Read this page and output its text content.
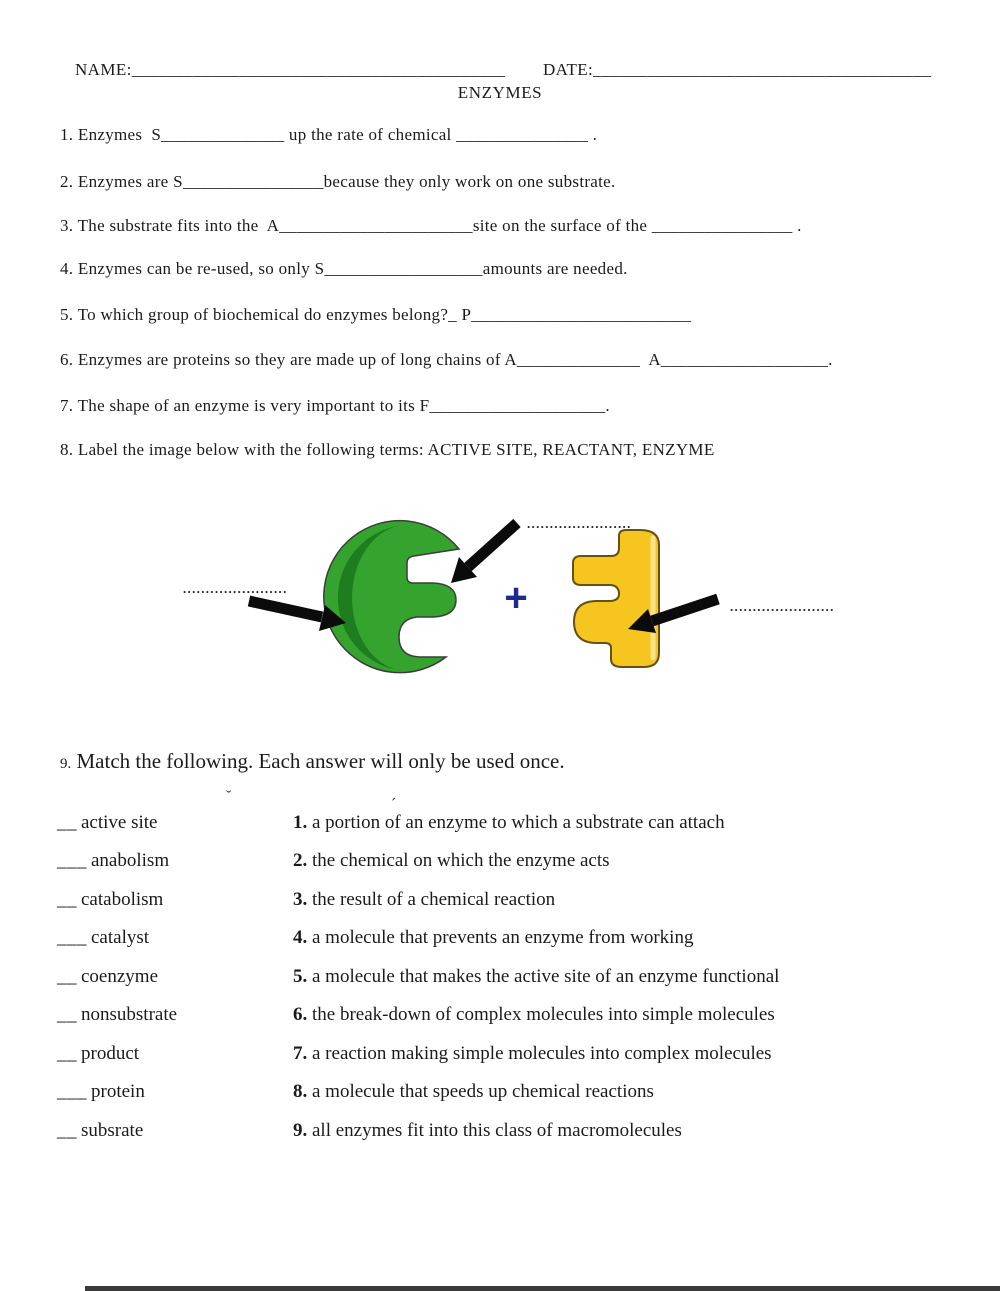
NAME:__________________________________________ DATE:______________________________________
ENZYMES
1. Enzymes  S______________ up the rate of chemical _______________ .
2. Enzymes are S________________because they only work on one substrate.
3. The substrate fits into the  A______________________site on the surface of the ________________ .
4. Enzymes can be re-used, so only S__________________amounts are needed.
5. To which group of biochemical do enzymes belong?_ P_________________________
6. Enzymes are proteins so they are made up of long chains of A______________  A___________________.
7. The shape of an enzyme is very important to its F____________________.
8. Label the image below with the following terms: ACTIVE SITE, REACTANT, ENZYME
+
.......................
.......................
.......................
9. Match the following. Each answer will only be used once.
˘	´
__ active site	1. a portion of an enzyme to which a substrate can attach
___ anabolism	2. the chemical on which the enzyme acts
__ catabolism	3. the result of a chemical reaction
___ catalyst	4. a molecule that prevents an enzyme from working
__ coenzyme	5. a molecule that makes the active site of an enzyme functional
__ nonsubstrate	6. the break-down of complex molecules into simple molecules
__ product	7. a reaction making simple molecules into complex molecules
___ protein	8. a molecule that speeds up chemical reactions
__ subsrate	9. all enzymes fit into this class of macromolecules
